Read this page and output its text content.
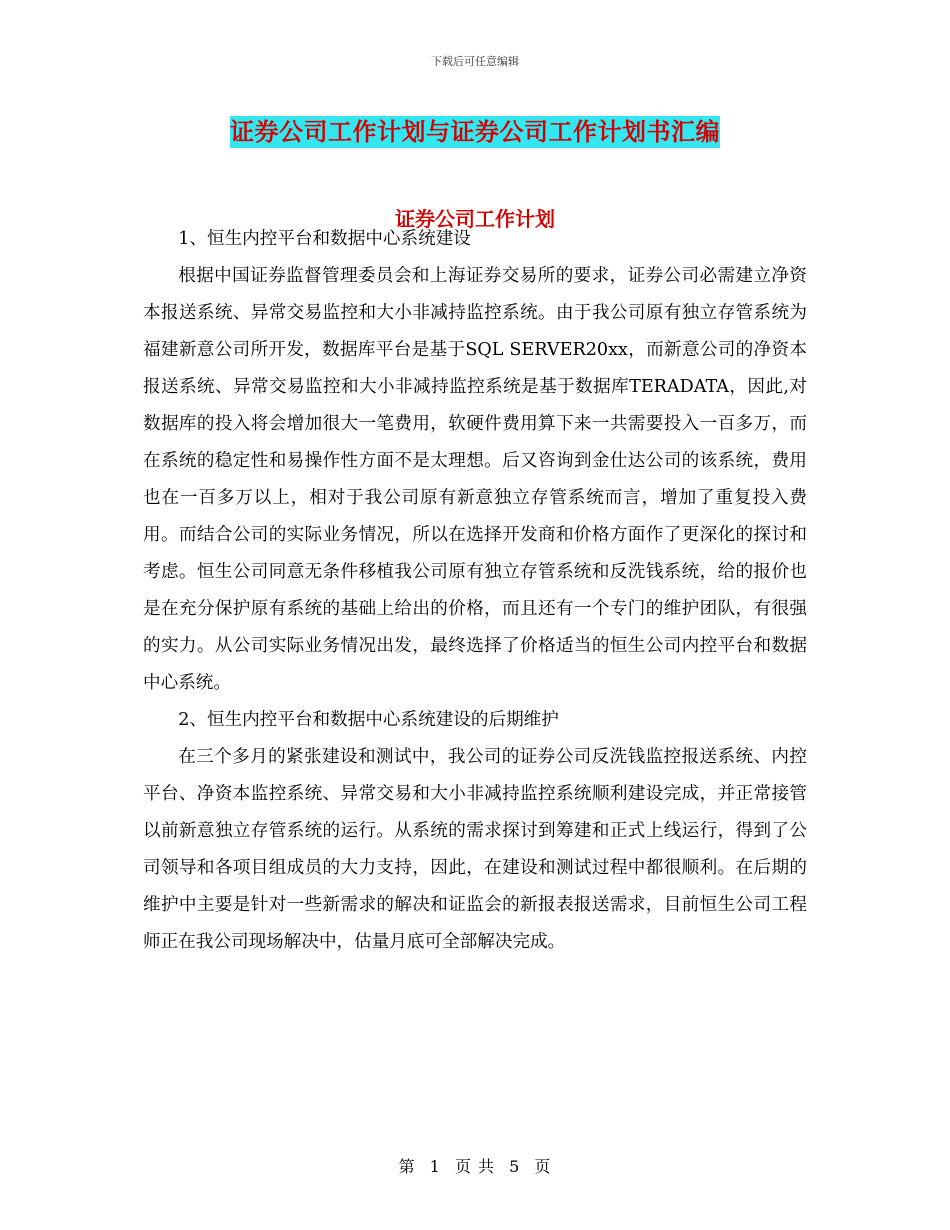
下载后可任意编辑
证券公司工作计划与证券公司工作计划书汇编
证券公司工作计划

1、恒生内控平台和数据中心系统建设

根据中国证券监督管理委员会和上海证券交易所的要求，证券公司必需建立净资本报送系统、异常交易监控和大小非减持监控系统。由于我公司原有独立存管系统为福建新意公司所开发，数据库平台是基于SQL SERVER20xx，而新意公司的净资本报送系统、异常交易监控和大小非减持监控系统是基于数据库TERADATA，因此,对数据库的投入将会增加很大一笔费用，软硬件费用算下来一共需要投入一百多万，而在系统的稳定性和易操作性方面不是太理想。后又咨询到金仕达公司的该系统，费用也在一百多万以上，相对于我公司原有新意独立存管系统而言，增加了重复投入费用。而结合公司的实际业务情况，所以在选择开发商和价格方面作了更深化的探讨和考虑。恒生公司同意无条件移植我公司原有独立存管系统和反洗钱系统，给的报价也是在充分保护原有系统的基础上给出的价格，而且还有一个专门的维护团队，有很强的实力。从公司实际业务情况出发，最终选择了价格适当的恒生公司内控平台和数据中心系统。

2、恒生内控平台和数据中心系统建设的后期维护

在三个多月的紧张建设和测试中，我公司的证券公司反洗钱监控报送系统、内控平台、净资本监控系统、异常交易和大小非减持监控系统顺利建设完成，并正常接管以前新意独立存管系统的运行。从系统的需求探讨到筹建和正式上线运行，得到了公司领导和各项目组成员的大力支持，因此，在建设和测试过程中都很顺利。在后期的维护中主要是针对一些新需求的解决和证监会的新报表报送需求，目前恒生公司工程师正在我公司现场解决中，估量月底可全部解决完成。

第 1 页 共 5 页
